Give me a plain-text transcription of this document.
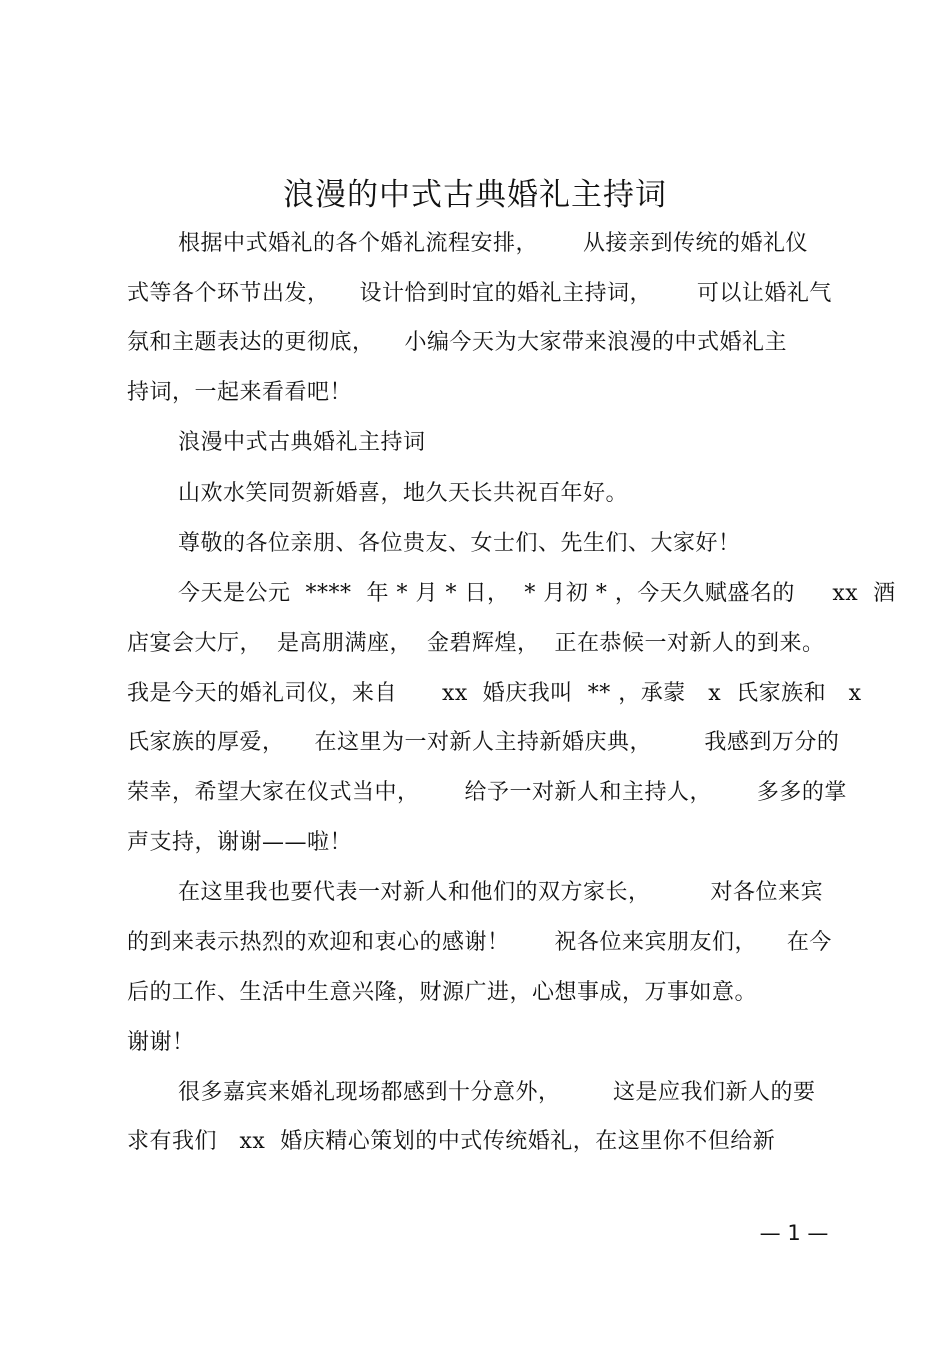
浪漫的中式古典婚礼主持词
根据中式婚礼的各个婚礼流程安排，      从接亲到传统的婚礼仪
式等各个环节出发，    设计恰到时宜的婚礼主持词，      可以让婚礼气
氛和主题表达的更彻底，    小编今天为大家带来浪漫的中式婚礼主
持词，一起来看看吧！
浪漫中式古典婚礼主持词
山欢水笑同贺新婚喜，地久天长共祝百年好。
尊敬的各位亲朋、各位贵友、女士们、先生们、大家好！
今天是公元  ****  年 * 月 * 日，  * 月初 * ，今天久赋盛名的     xx  酒
店宴会大厅，  是高朋满座，  金碧辉煌，  正在恭候一对新人的到来。
我是今天的婚礼司仪，来自      xx  婚庆我叫  ** ，承蒙   x  氏家族和   x
氏家族的厚爱，    在这里为一对新人主持新婚庆典，       我感到万分的
荣幸，希望大家在仪式当中，      给予一对新人和主持人，      多多的掌
声支持，谢谢——啦！
在这里我也要代表一对新人和他们的双方家长，        对各位来宾
的到来表示热烈的欢迎和衷心的感谢！      祝各位来宾朋友们，    在今
后的工作、生活中生意兴隆，财源广进，心想事成，万事如意。
谢谢！
很多嘉宾来婚礼现场都感到十分意外，       这是应我们新人的要
求有我们   xx  婚庆精心策划的中式传统婚礼，在这里你不但给新
— 1 —
